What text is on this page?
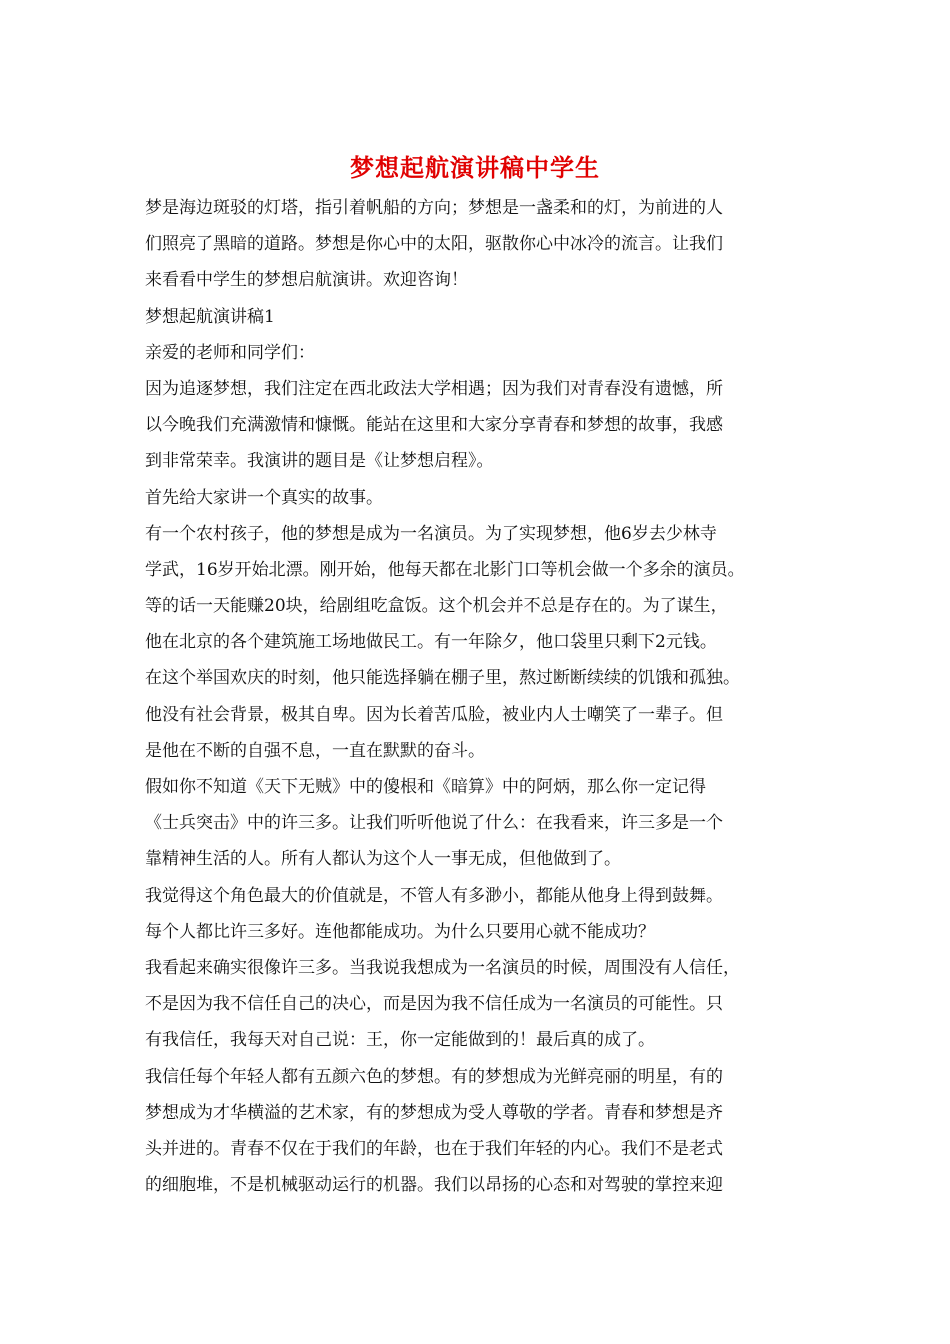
梦想起航演讲稿中学生
梦是海边斑驳的灯塔，指引着帆船的方向；梦想是一盏柔和的灯，为前进的人
们照亮了黑暗的道路。梦想是你心中的太阳，驱散你心中冰冷的流言。让我们
来看看中学生的梦想启航演讲。欢迎咨询！
梦想起航演讲稿1
亲爱的老师和同学们：
因为追逐梦想，我们注定在西北政法大学相遇；因为我们对青春没有遗憾，所
以今晚我们充满激情和慷慨。能站在这里和大家分享青春和梦想的故事，我感
到非常荣幸。我演讲的题目是《让梦想启程》。
首先给大家讲一个真实的故事。
有一个农村孩子，他的梦想是成为一名演员。为了实现梦想，他6岁去少林寺
学武，16岁开始北漂。刚开始，他每天都在北影门口等机会做一个多余的演员。
等的话一天能赚20块，给剧组吃盒饭。这个机会并不总是存在的。为了谋生，
他在北京的各个建筑施工场地做民工。有一年除夕，他口袋里只剩下2元钱。
在这个举国欢庆的时刻，他只能选择躺在棚子里，熬过断断续续的饥饿和孤独。
他没有社会背景，极其自卑。因为长着苦瓜脸，被业内人士嘲笑了一辈子。但
是他在不断的自强不息，一直在默默的奋斗。
假如你不知道《天下无贼》中的傻根和《暗算》中的阿炳，那么你一定记得
《士兵突击》中的许三多。让我们听听他说了什么：在我看来，许三多是一个
靠精神生活的人。所有人都认为这个人一事无成，但他做到了。
我觉得这个角色最大的价值就是，不管人有多渺小，都能从他身上得到鼓舞。
每个人都比许三多好。连他都能成功。为什么只要用心就不能成功？
我看起来确实很像许三多。当我说我想成为一名演员的时候，周围没有人信任，
不是因为我不信任自己的决心，而是因为我不信任成为一名演员的可能性。只
有我信任，我每天对自己说：王，你一定能做到的！最后真的成了。
我信任每个年轻人都有五颜六色的梦想。有的梦想成为光鲜亮丽的明星，有的
梦想成为才华横溢的艺术家，有的梦想成为受人尊敬的学者。青春和梦想是齐
头并进的。青春不仅在于我们的年龄，也在于我们年轻的内心。我们不是老式
的细胞堆，不是机械驱动运行的机器。我们以昂扬的心态和对驾驶的掌控来迎
